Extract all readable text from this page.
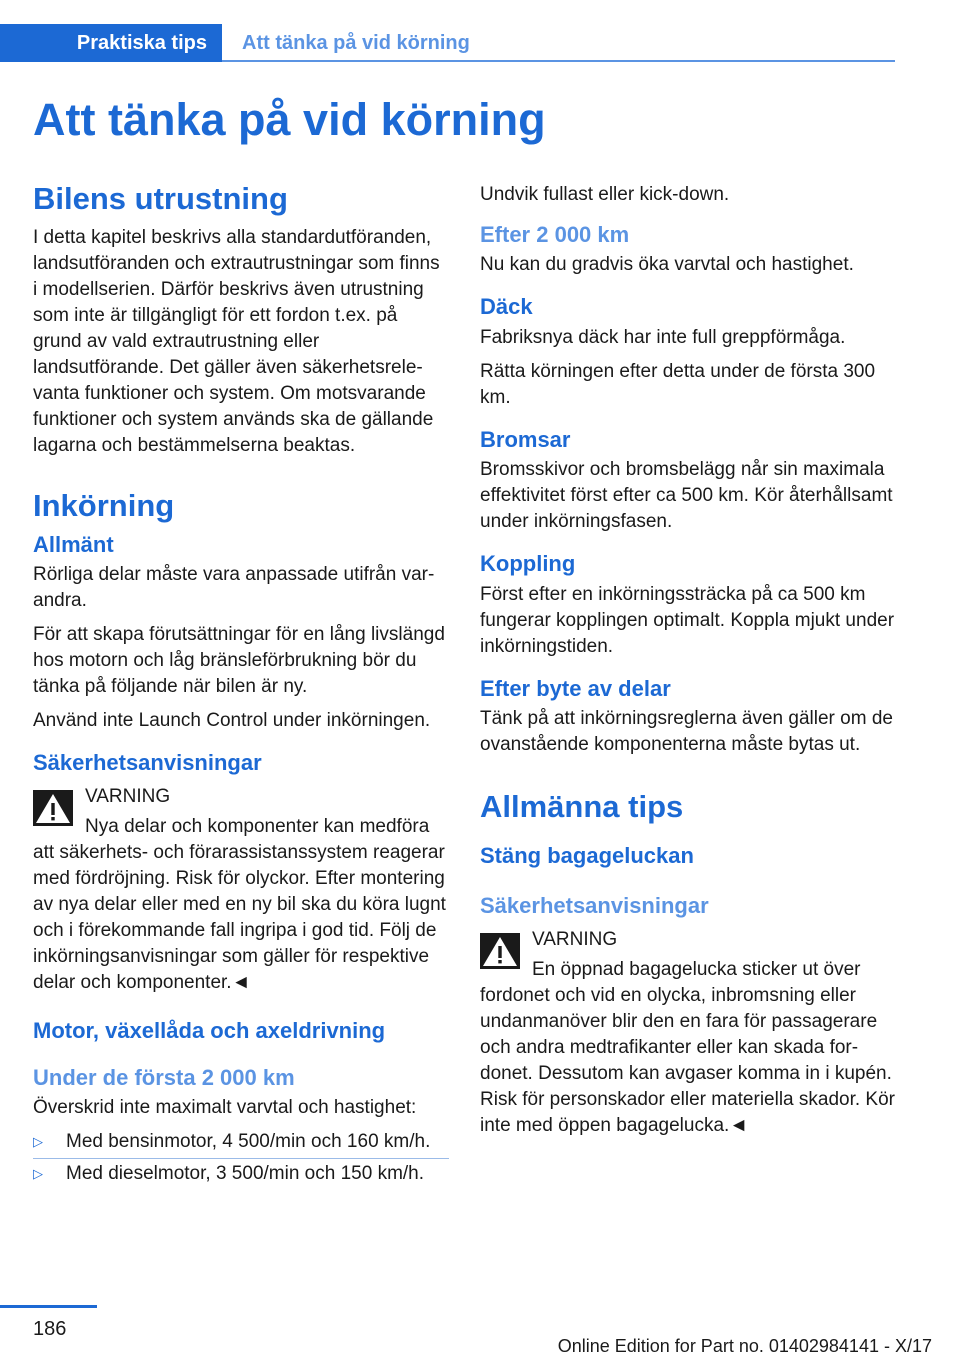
Praktiska tips	Att tänka på vid körning
Att tänka på vid körning
Bilens utrustning

I detta kapitel beskrivs alla standardutföranden, landsutföranden och extrautrustningar som finns i modellserien. Därför beskrivs även utrustning som inte är tillgängligt för ett fordon t.ex. på grund av vald extrautrustning eller landsutförande. Det gäller även säkerhetsrelevanta funktioner och system. Om motsvarande funktioner och system används ska de gällande lagarna och bestämmelserna beaktas.

Inkörning
Allmänt

Rörliga delar måste vara anpassade utifrån varandra.

För att skapa förutsättningar för en lång livslängd hos motorn och låg bränsleförbrukning bör du tänka på följande när bilen är ny.

Använd inte Launch Control under inkörningen.

Säkerhetsanvisningar
VARNING

Nya delar och komponenter kan medföra att säkerhets- och förarassistanssystem reagerar med fördröjning. Risk för olyckor. Efter montering av nya delar eller med en ny bil ska du köra lugnt och i förekommande fall ingripa i god tid. Följ de inkörningsanvisningar som gäller för respektive delar och komponenter.◄

Motor, växellåda och axeldrivning
Under de första 2 000 km

Överskrid inte maximalt varvtal och hastighet:

▷ Med bensinmotor, 4 500/min och 160 km/h.
▷ Med dieselmotor, 3 500/min och 150 km/h.

Undvik fullast eller kick-down.

Efter 2 000 km

Nu kan du gradvis öka varvtal och hastighet.

Däck

Fabriksnya däck har inte full greppförmåga.

Rätta körningen efter detta under de första 300 km.

Bromsar

Bromsskivor och bromsbelägg når sin maximala effektivitet först efter ca 500 km. Kör återhållsamt under inkörningsfasen.

Koppling

Först efter en inkörningssträcka på ca 500 km fungerar kopplingen optimalt. Koppla mjukt under inkörningstiden.

Efter byte av delar

Tänk på att inkörningsreglerna även gäller om de ovanstående komponenterna måste bytas ut.

Allmänna tips
Stäng bagageluckan
Säkerhetsanvisningar
VARNING

En öppnad bagagelucka sticker ut över fordonet och vid en olycka, inbromsning eller undanmanöver blir den en fara för passagerare och andra medtrafikanter eller kan skada fordonet. Dessutom kan avgaser komma in i kupén. Risk för personskador eller materiella skador. Kör inte med öppen bagagelucka.◄

186
Online Edition for Part no. 01402984141 - X/17
